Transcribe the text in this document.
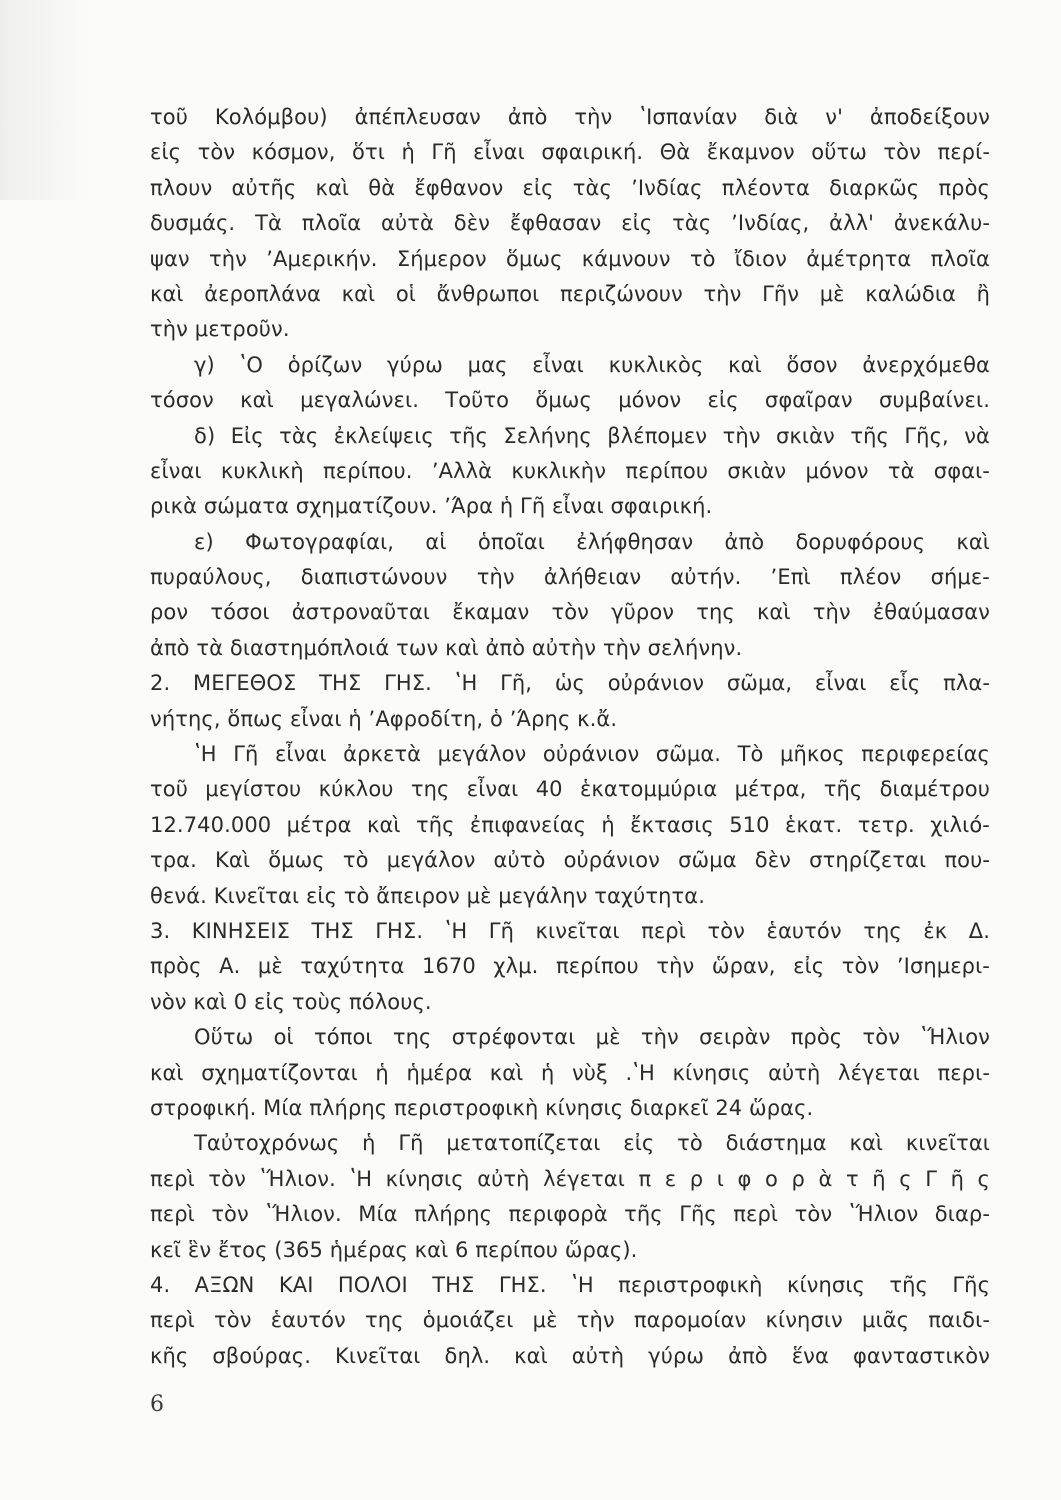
τοῦ Κολόμβου) ἀπέπλευσαν ἀπὸ τὴν ʽΙσπανίαν διὰ ν' ἀποδείξουν
εἰς τὸν κόσμον, ὅτι ἡ Γῆ εἶναι σφαιρική. Θὰ ἔκαμνον οὕτω τὸν περί-
πλουν αὐτῆς καὶ θὰ ἔφθανον εἰς τὰς ʼΙνδίας πλέοντα διαρκῶς πρὸς
δυσμάς. Τὰ πλοῖα αὐτὰ δὲν ἔφθασαν εἰς τὰς ʼΙνδίας, ἀλλ' ἀνεκάλυ-
ψαν τὴν ʼΑμερικήν. Σήμερον ὅμως κάμνουν τὸ ἴδιον ἀμέτρητα πλοῖα
καὶ ἀεροπλάνα καὶ οἱ ἄνθρωποι περιζώνουν τὴν Γῆν μὲ καλώδια ἢ
τὴν μετροῦν.
γ) ʽΟ ὁρίζων γύρω μας εἶναι κυκλικὸς καὶ ὅσον ἀνερχόμεθα
τόσον καὶ μεγαλώνει. Τοῦτο ὅμως μόνον εἰς σφαῖραν συμβαίνει.
δ) Εἰς τὰς ἐκλείψεις τῆς Σελήνης βλέπομεν τὴν σκιὰν τῆς Γῆς, νὰ
εἶναι κυκλικὴ περίπου. ʼΑλλὰ κυκλικὴν περίπου σκιὰν μόνον τὰ σφαι-
ρικὰ σώματα σχηματίζουν. ʼΆρα ἡ Γῆ εἶναι σφαιρική.
ε) Φωτογραφίαι, αἱ ὁποῖαι ἐλήφθησαν ἀπὸ δορυφόρους καὶ
πυραύλους, διαπιστώνουν τὴν ἀλήθειαν αὐτήν. ʼΕπὶ πλέον σήμε-
ρον τόσοι ἀστροναῦται ἔκαμαν τὸν γῦρον της καὶ τὴν ἐθαύμασαν
ἀπὸ τὰ διαστημόπλοιά των καὶ ἀπὸ αὐτὴν τὴν σελήνην.
2. ΜΕΓΕΘΟΣ ΤΗΣ ΓΗΣ. ʽΗ Γῆ, ὡς οὐράνιον σῶμα, εἶναι εἷς πλα-
νήτης, ὅπως εἶναι ἡ ʼΑφροδίτη, ὁ ʼΆρης κ.ἄ.
ʽΗ Γῆ εἶναι ἀρκετὰ μεγάλον οὐράνιον σῶμα. Τὸ μῆκος περιφερείας
τοῦ μεγίστου κύκλου της εἶναι 40 ἑκατομμύρια μέτρα, τῆς διαμέτρου
12.740.000 μέτρα καὶ τῆς ἐπιφανείας ἡ ἔκτασις 510 ἑκατ. τετρ. χιλιό-
τρα. Καὶ ὅμως τὸ μεγάλον αὐτὸ οὐράνιον σῶμα δὲν στηρίζεται που-
θενά. Κινεῖται εἰς τὸ ἄπειρον μὲ μεγάλην ταχύτητα.
3. ΚΙΝΗΣΕΙΣ ΤΗΣ ΓΗΣ. ʽΗ Γῆ κινεῖται περὶ τὸν ἑαυτόν της ἐκ Δ.
πρὸς Α. μὲ ταχύτητα 1670 χλμ. περίπου τὴν ὥραν, εἰς τὸν ʼΙσημερι-
νὸν καὶ 0 εἰς τοὺς πόλους.
Οὕτω οἱ τόποι της στρέφονται μὲ τὴν σειρὰν πρὸς τὸν ʽΉλιον
καὶ σχηματίζονται ἡ ἡμέρα καὶ ἡ νὺξ .ʽΗ κίνησις αὐτὴ λέγεται περι-
στροφική. Μία πλήρης περιστροφικὴ κίνησις διαρκεῖ 24 ὥρας.
Ταὐτοχρόνως ἡ Γῆ μετατοπίζεται εἰς τὸ διάστημα καὶ κινεῖται
περὶ τὸν ʽΉλιον. ʽΗ κίνησις αὐτὴ λέγεται π ε ρ ι φ ο ρ ὰ τ ῆ ς Γ ῆ ς
περὶ τὸν ʽΉλιον. Μία πλήρης περιφορὰ τῆς Γῆς περὶ τὸν ʽΉλιον διαρ-
κεῖ ἓν ἔτος (365 ἡμέρας καὶ 6 περίπου ὥρας).
4. ΑΞΩΝ ΚΑΙ ΠΟΛΟΙ ΤΗΣ ΓΗΣ. ʽΗ περιστροφικὴ κίνησις τῆς Γῆς
περὶ τὸν ἑαυτόν της ὁμοιάζει μὲ τὴν παρομοίαν κίνησιν μιᾶς παιδι-
κῆς σβούρας. Κινεῖται δηλ. καὶ αὐτὴ γύρω ἀπὸ ἕνα φανταστικὸν
6
